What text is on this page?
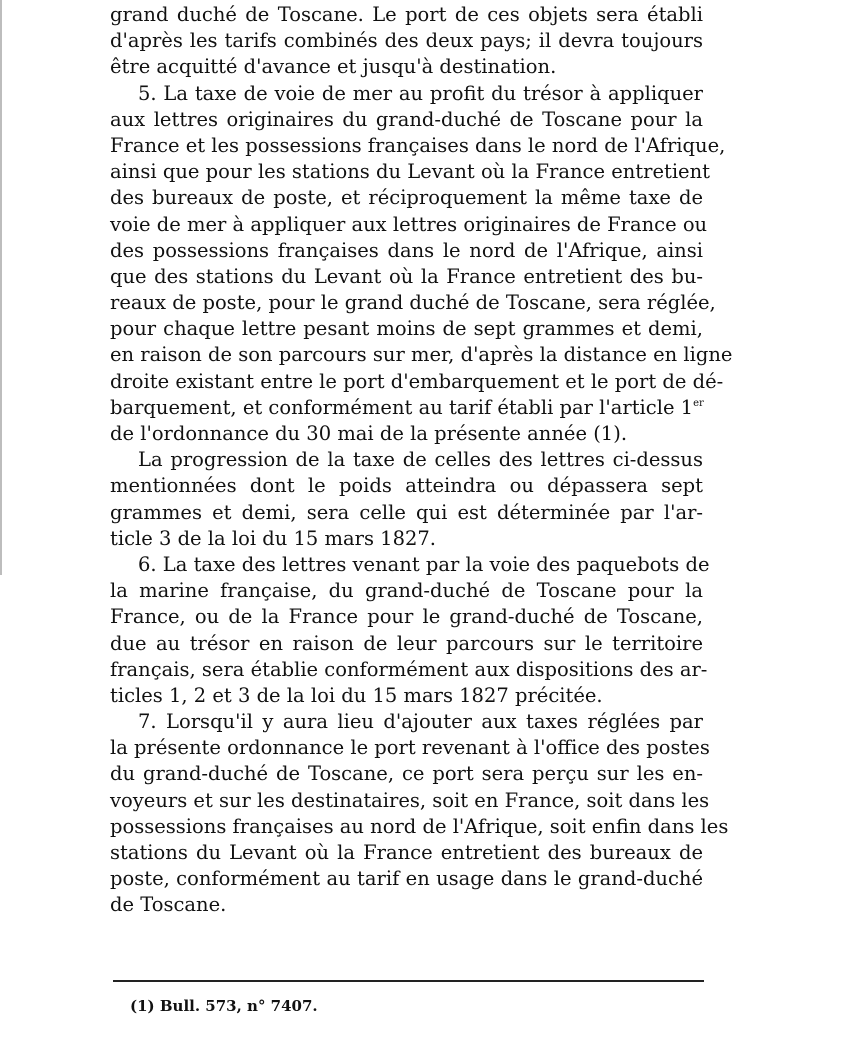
grand duché de Toscane. Le port de ces objets sera établi
d'après les tarifs combinés des deux pays; il devra toujours
être acquitté d'avance et jusqu'à destination.
5. La taxe de voie de mer au profit du trésor à appliquer
aux lettres originaires du grand-duché de Toscane pour la
France et les possessions françaises dans le nord de l'Afrique,
ainsi que pour les stations du Levant où la France entretient
des bureaux de poste, et réciproquement la même taxe de
voie de mer à appliquer aux lettres originaires de France ou
des possessions françaises dans le nord de l'Afrique, ainsi
que des stations du Levant où la France entretient des bu-
reaux de poste, pour le grand duché de Toscane, sera réglée,
pour chaque lettre pesant moins de sept grammes et demi,
en raison de son parcours sur mer, d'après la distance en ligne
droite existant entre le port d'embarquement et le port de dé-
barquement, et conformément au tarif établi par l'article 1er
de l'ordonnance du 30 mai de la présente année (1).
La progression de la taxe de celles des lettres ci-dessus
mentionnées dont le poids atteindra ou dépassera sept
grammes et demi, sera celle qui est déterminée par l'ar-
ticle 3 de la loi du 15 mars 1827.
6. La taxe des lettres venant par la voie des paquebots de
la marine française, du grand-duché de Toscane pour la
France, ou de la France pour le grand-duché de Toscane,
due au trésor en raison de leur parcours sur le territoire
français, sera établie conformément aux dispositions des ar-
ticles 1, 2 et 3 de la loi du 15 mars 1827 précitée.
7. Lorsqu'il y aura lieu d'ajouter aux taxes réglées par
la présente ordonnance le port revenant à l'office des postes
du grand-duché de Toscane, ce port sera perçu sur les en-
voyeurs et sur les destinataires, soit en France, soit dans les
possessions françaises au nord de l'Afrique, soit enfin dans les
stations du Levant où la France entretient des bureaux de
poste, conformément au tarif en usage dans le grand-duché
de Toscane.
(1) Bull. 573, n° 7407.
